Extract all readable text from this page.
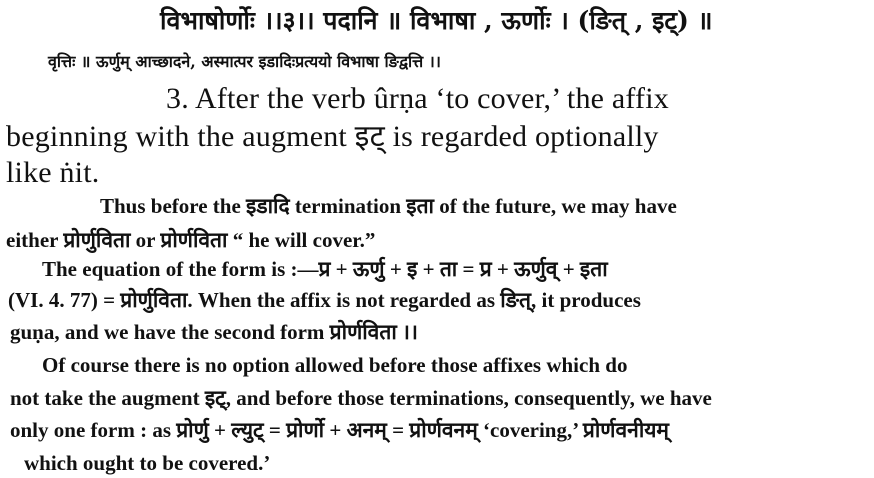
विभाषोर्णोः ।।३।। पदानि ॥ विभाषा , ऊर्णोः । (ङित् , इट्) ॥
वृत्तिः ॥ ऊर्णुम् आच्छादने, अस्मात्पर इडादिःप्रत्ययो विभाषा ङिद्वत्ति ।।
3. After the verb ûrṇa ‘to cover,’ the affix
beginning with the augment इट् is regarded optionally
like ṅit.
Thus before the इडादि termination इता of the future, we may have
either प्रोर्णुविता or प्रोर्णविता “ he will cover.”
The equation of the form is :—प्र + ऊर्णु + इ + ता = प्र + ऊर्णुव् + इता
(VI. 4. 77) = प्रोर्णुविता. When the affix is not regarded as ङित्, it produces
guṇa, and we have the second form प्रोर्णविता ।।
Of course there is no option allowed before those affixes which do
not take the augment इट्, and before those terminations, consequently, we have
only one form : as प्रोर्णु + ल्युट् = प्रोर्णो + अनम् = प्रोर्णवनम् ‘covering,’ प्रोर्णवनीयम्
which ought to be covered.’
